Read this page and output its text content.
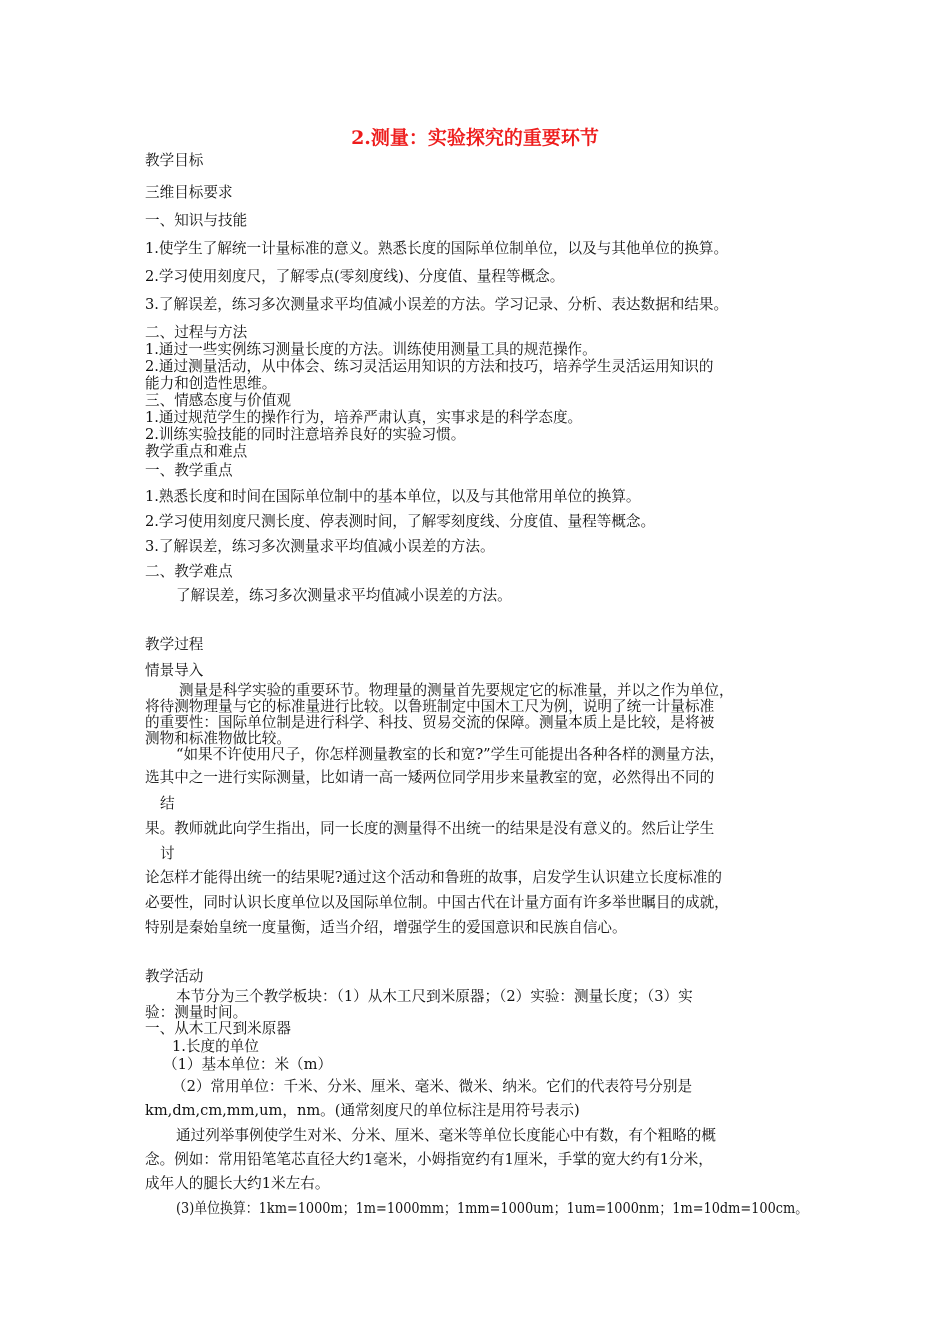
2.测量：实验探究的重要环节
教学目标
三维目标要求
一、知识与技能
1.使学生了解统一计量标准的意义。熟悉长度的国际单位制单位，以及与其他单位的换算。
2.学习使用刻度尺，了解零点(零刻度线)、分度值、量程等概念。
3.了解误差，练习多次测量求平均值减小误差的方法。学习记录、分析、表达数据和结果。
二、过程与方法
1.通过一些实例练习测量长度的方法。训练使用测量工具的规范操作。
2.通过测量活动，从中体会、练习灵活运用知识的方法和技巧，培养学生灵活运用知识的
能力和创造性思维。
三、情感态度与价值观
1.通过规范学生的操作行为，培养严肃认真，实事求是的科学态度。
2.训练实验技能的同时注意培养良好的实验习惯。
教学重点和难点
一、教学重点
1.熟悉长度和时间在国际单位制中的基本单位，以及与其他常用单位的换算。
2.学习使用刻度尺测长度、停表测时间，了解零刻度线、分度值、量程等概念。
3.了解误差，练习多次测量求平均值减小误差的方法。
二、教学难点
了解误差，练习多次测量求平均值减小误差的方法。
教学过程
情景导入
测量是科学实验的重要环节。物理量的测量首先要规定它的标准量，并以之作为单位，
将待测物理量与它的标准量进行比较。以鲁班制定中国木工尺为例，说明了统一计量标准
的重要性：国际单位制是进行科学、科技、贸易交流的保障。测量本质上是比较，是将被
测物和标准物做比较。
“如果不许使用尺子，你怎样测量教室的长和宽?”学生可能提出各种各样的测量方法，
选其中之一进行实际测量，比如请一高一矮两位同学用步来量教室的宽，必然得出不同的
结
果。教师就此向学生指出，同一长度的测量得不出统一的结果是没有意义的。然后让学生
讨
论怎样才能得出统一的结果呢?通过这个活动和鲁班的故事，启发学生认识建立长度标准的
必要性，同时认识长度单位以及国际单位制。中国古代在计量方面有许多举世瞩目的成就，
特别是秦始皇统一度量衡，适当介绍，增强学生的爱国意识和民族自信心。
教学活动
本节分为三个教学板块：（1）从木工尺到米原器；（2）实验：测量长度；（3）实
验：测量时间。
一、从木工尺到米原器
1.长度的单位
（1）基本单位：米（m）
（2）常用单位：千米、分米、厘米、毫米、微米、纳米。它们的代表符号分别是
km,dm,cm,mm,um，nm。(通常刻度尺的单位标注是用符号表示)
通过列举事例使学生对米、分米、厘米、毫米等单位长度能心中有数，有个粗略的概
念。例如：常用铅笔笔芯直径大约1毫米，小姆指宽约有1厘米，手掌的宽大约有1分米，
成年人的腿长大约1米左右。
(3)单位换算：1km=1000m；1m=1000mm；1mm=1000um；1um=1000nm；1m=10dm=100cm。
